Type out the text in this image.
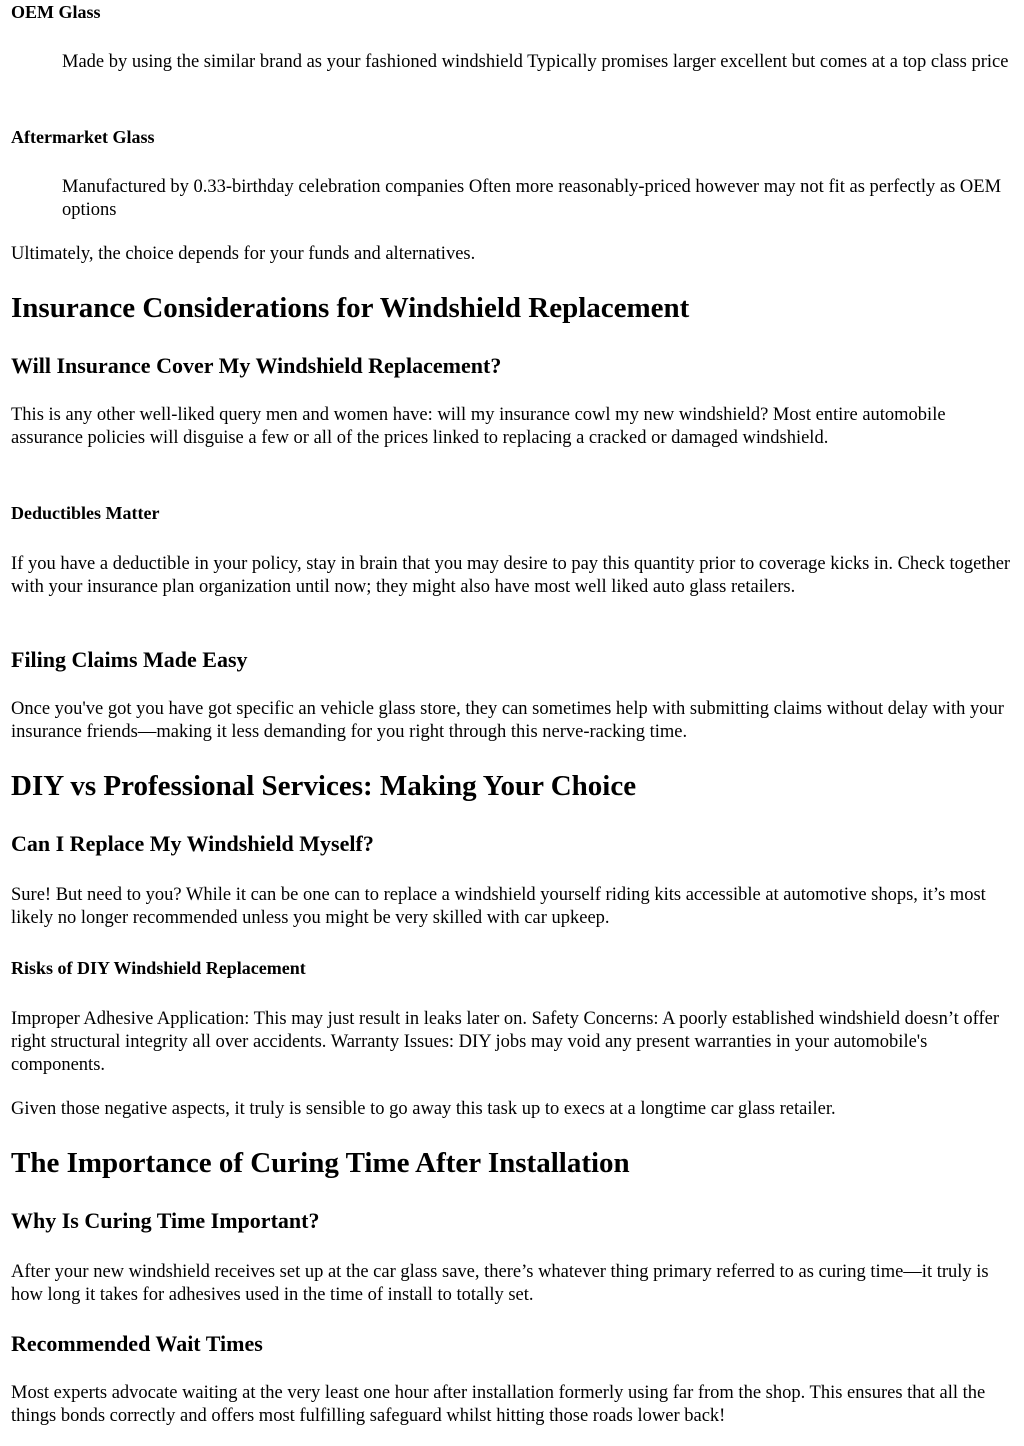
OEM Glass
Made by using the similar brand as your fashioned windshield Typically promises larger excellent but comes at a top class price
Aftermarket Glass
Manufactured by 0.33-birthday celebration companies Often more reasonably-priced however may not fit as perfectly as OEM options

Ultimately, the choice depends for your funds and alternatives.

Insurance Considerations for Windshield Replacement
Will Insurance Cover My Windshield Replacement?

This is any other well-liked query men and women have: will my insurance cowl my new windshield? Most entire automobile assurance policies will disguise a few or all of the prices linked to replacing a cracked or damaged windshield.

Deductibles Matter

If you have a deductible in your policy, stay in brain that you may desire to pay this quantity prior to coverage kicks in. Check together with your insurance plan organization until now; they might also have most well liked auto glass retailers.

Filing Claims Made Easy

Once you've got you have got specific an vehicle glass store, they can sometimes help with submitting claims without delay with your insurance friends—making it less demanding for you right through this nerve-racking time.

DIY vs Professional Services: Making Your Choice
Can I Replace My Windshield Myself?

Sure! But need to you? While it can be one can to replace a windshield yourself riding kits accessible at automotive shops, it’s most likely no longer recommended unless you might be very skilled with car upkeep.

Risks of DIY Windshield Replacement

Improper Adhesive Application: This may just result in leaks later on. Safety Concerns: A poorly established windshield doesn’t offer right structural integrity all over accidents. Warranty Issues: DIY jobs may void any present warranties in your automobile's components.

Given those negative aspects, it truly is sensible to go away this task up to execs at a longtime car glass retailer.

The Importance of Curing Time After Installation
Why Is Curing Time Important?

After your new windshield receives set up at the car glass save, there’s whatever thing primary referred to as curing time—it truly is how long it takes for adhesives used in the time of install to totally set.

Recommended Wait Times

Most experts advocate waiting at the very least one hour after installation formerly using far from the shop. This ensures that all the things bonds correctly and offers most fulfilling safeguard whilst hitting those roads lower back!
